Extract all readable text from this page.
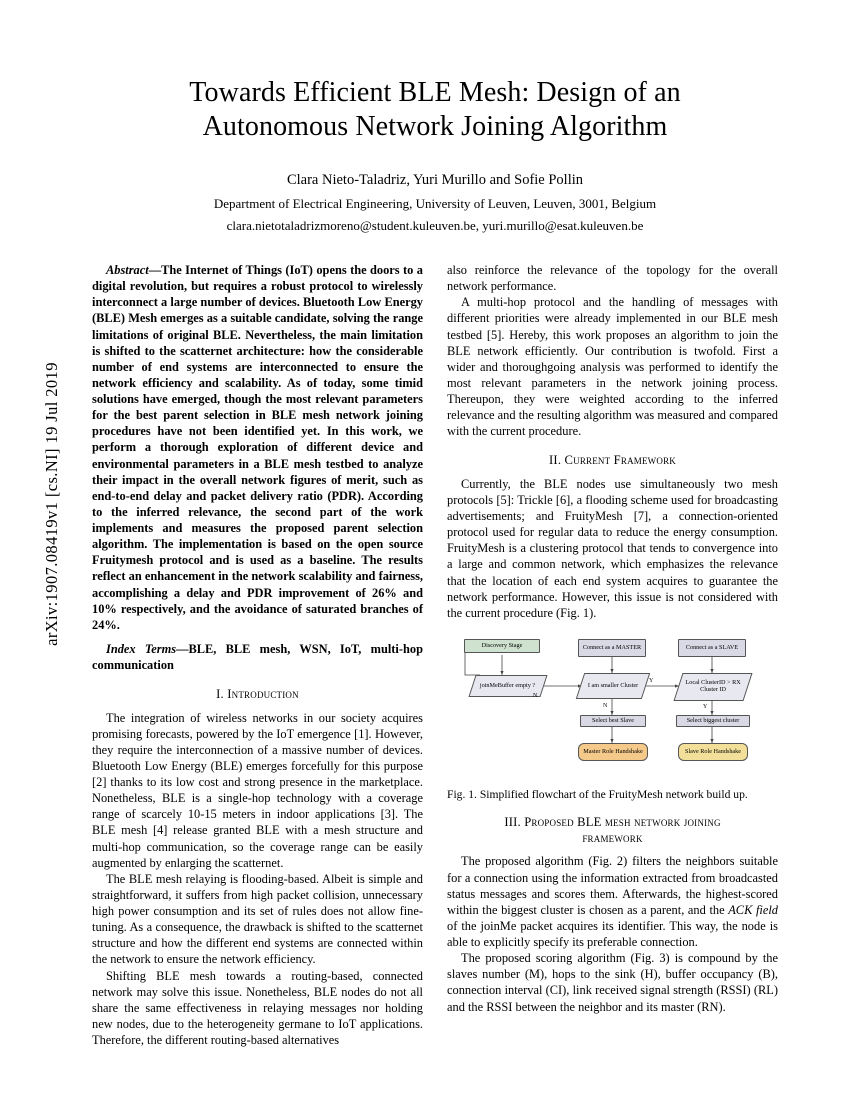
arXiv:1907.08419v1 [cs.NI] 19 Jul 2019
Towards Efficient BLE Mesh: Design of an
Autonomous Network Joining Algorithm
Clara Nieto-Taladriz, Yuri Murillo and Sofie Pollin
Department of Electrical Engineering, University of Leuven, Leuven, 3001, Belgium
clara.nietotaladrizmoreno@student.kuleuven.be, yuri.murillo@esat.kuleuven.be
Abstract—The Internet of Things (IoT) opens the doors to a digital revolution, but requires a robust protocol to wirelessly interconnect a large number of devices. Bluetooth Low Energy (BLE) Mesh emerges as a suitable candidate, solving the range limitations of original BLE. Nevertheless, the main limitation is shifted to the scatternet architecture: how the considerable number of end systems are interconnected to ensure the network efficiency and scalability. As of today, some timid solutions have emerged, though the most relevant parameters for the best parent selection in BLE mesh network joining procedures have not been identified yet. In this work, we perform a thorough exploration of different device and environmental parameters in a BLE mesh testbed to analyze their impact in the overall network figures of merit, such as end-to-end delay and packet delivery ratio (PDR). According to the inferred relevance, the second part of the work implements and measures the proposed parent selection algorithm. The implementation is based on the open source Fruitymesh protocol and is used as a baseline. The results reflect an enhancement in the network scalability and fairness, accomplishing a delay and PDR improvement of 26% and 10% respectively, and the avoidance of saturated branches of 24%.
Index Terms—BLE, BLE mesh, WSN, IoT, multi-hop communication
I. Introduction

The integration of wireless networks in our society acquires promising forecasts, powered by the IoT emergence [1]. However, they require the interconnection of a massive number of devices. Bluetooth Low Energy (BLE) emerges forcefully for this purpose [2] thanks to its low cost and strong presence in the marketplace. Nonetheless, BLE is a single-hop technology with a coverage range of scarcely 10-15 meters in indoor applications [3]. The BLE mesh [4] release granted BLE with a mesh structure and multi-hop communication, so the coverage range can be easily augmented by enlarging the scatternet.

The BLE mesh relaying is flooding-based. Albeit is simple and straightforward, it suffers from high packet collision, unnecessary high power consumption and its set of rules does not allow fine-tuning. As a consequence, the drawback is shifted to the scatternet structure and how the different end systems are connected within the network to ensure the network efficiency.

Shifting BLE mesh towards a routing-based, connected network may solve this issue. Nonetheless, BLE nodes do not all share the same effectiveness in relaying messages nor holding new nodes, due to the heterogeneity germane to IoT applications. Therefore, the different routing-based alternatives

also reinforce the relevance of the topology for the overall network performance.

A multi-hop protocol and the handling of messages with different priorities were already implemented in our BLE mesh testbed [5]. Hereby, this work proposes an algorithm to join the BLE network efficiently. Our contribution is twofold. First a wider and thoroughgoing analysis was performed to identify the most relevant parameters in the network joining process. Thereupon, they were weighted according to the inferred relevance and the resulting algorithm was measured and compared with the current procedure.

II. Current Framework

Currently, the BLE nodes use simultaneously two mesh protocols [5]: Trickle [6], a flooding scheme used for broadcasting advertisements; and FruityMesh [7], a connection-oriented protocol used for regular data to reduce the energy consumption. FruityMesh is a clustering protocol that tends to convergence into a large and common network, which emphasizes the relevance that the location of each end system acquires to guarantee the network performance. However, this issue is not considered with the current procedure (Fig. 1).

Discovery Stage	Connect as a MASTER	Connect as a SLAVE
joinMeBuffer empty ?	I am smaller Cluster	Local ClusterID > RX Cluster ID
Select best Slave	Select biggest cluster
Master Role Handshake	Slave Role Handshake
N
Y
N	Y
Fig. 1. Simplified flowchart of the FruityMesh network build up.
III. Proposed BLE mesh network joining
framework

The proposed algorithm (Fig. 2) filters the neighbors suitable for a connection using the information extracted from broadcasted status messages and scores them. Afterwards, the highest-scored within the biggest cluster is chosen as a parent, and the ACK field of the joinMe packet acquires its identifier. This way, the node is able to explicitly specify its preferable connection.

The proposed scoring algorithm (Fig. 3) is compound by the slaves number (M), hops to the sink (H), buffer occupancy (B), connection interval (CI), link received signal strength (RSSI) (RL) and the RSSI between the neighbor and its master (RN).
